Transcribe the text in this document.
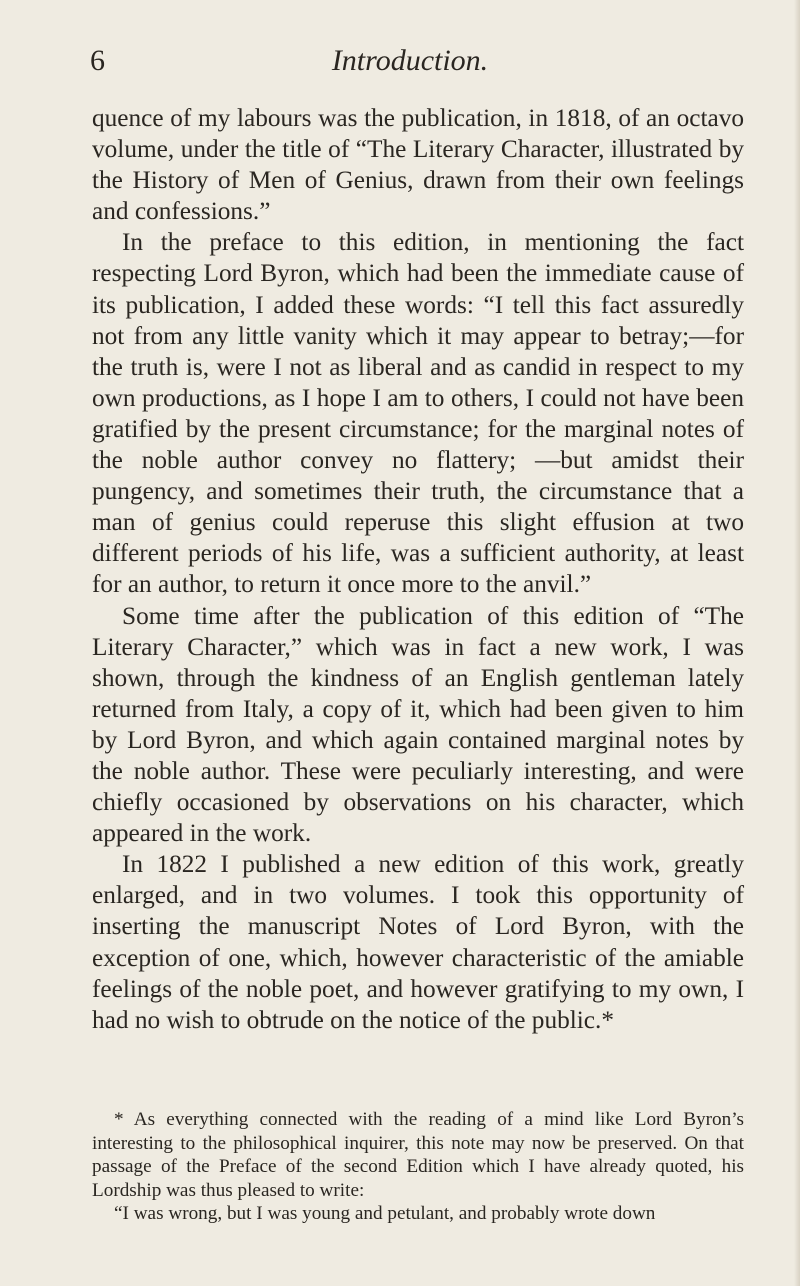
6	Introduction.

quence of my labours was the publication, in 1818, of an octavo volume, under the title of “The Literary Character, illustrated by the History of Men of Genius, drawn from their own feelings and confessions.”

In the preface to this edition, in mentioning the fact respecting Lord Byron, which had been the immediate cause of its publication, I added these words: “I tell this fact assuredly not from any little vanity which it may appear to betray;—for the truth is, were I not as liberal and as candid in respect to my own productions, as I hope I am to others, I could not have been gratified by the present circumstance; for the marginal notes of the noble author convey no flattery; —but amidst their pungency, and sometimes their truth, the circumstance that a man of genius could reperuse this slight effusion at two different periods of his life, was a sufficient authority, at least for an author, to return it once more to the anvil.”

Some time after the publication of this edition of “The Literary Character,” which was in fact a new work, I was shown, through the kindness of an English gentleman lately returned from Italy, a copy of it, which had been given to him by Lord Byron, and which again contained marginal notes by the noble author. These were peculiarly interesting, and were chiefly occasioned by observations on his character, which appeared in the work.

In 1822 I published a new edition of this work, greatly enlarged, and in two volumes. I took this opportunity of inserting the manuscript Notes of Lord Byron, with the exception of one, which, however characteristic of the amiable feelings of the noble poet, and however gratifying to my own, I had no wish to obtrude on the notice of the public.*

* As everything connected with the reading of a mind like Lord Byron’s interesting to the philosophical inquirer, this note may now be preserved. On that passage of the Preface of the second Edition which I have already quoted, his Lordship was thus pleased to write:

“I was wrong, but I was young and petulant, and probably wrote down
